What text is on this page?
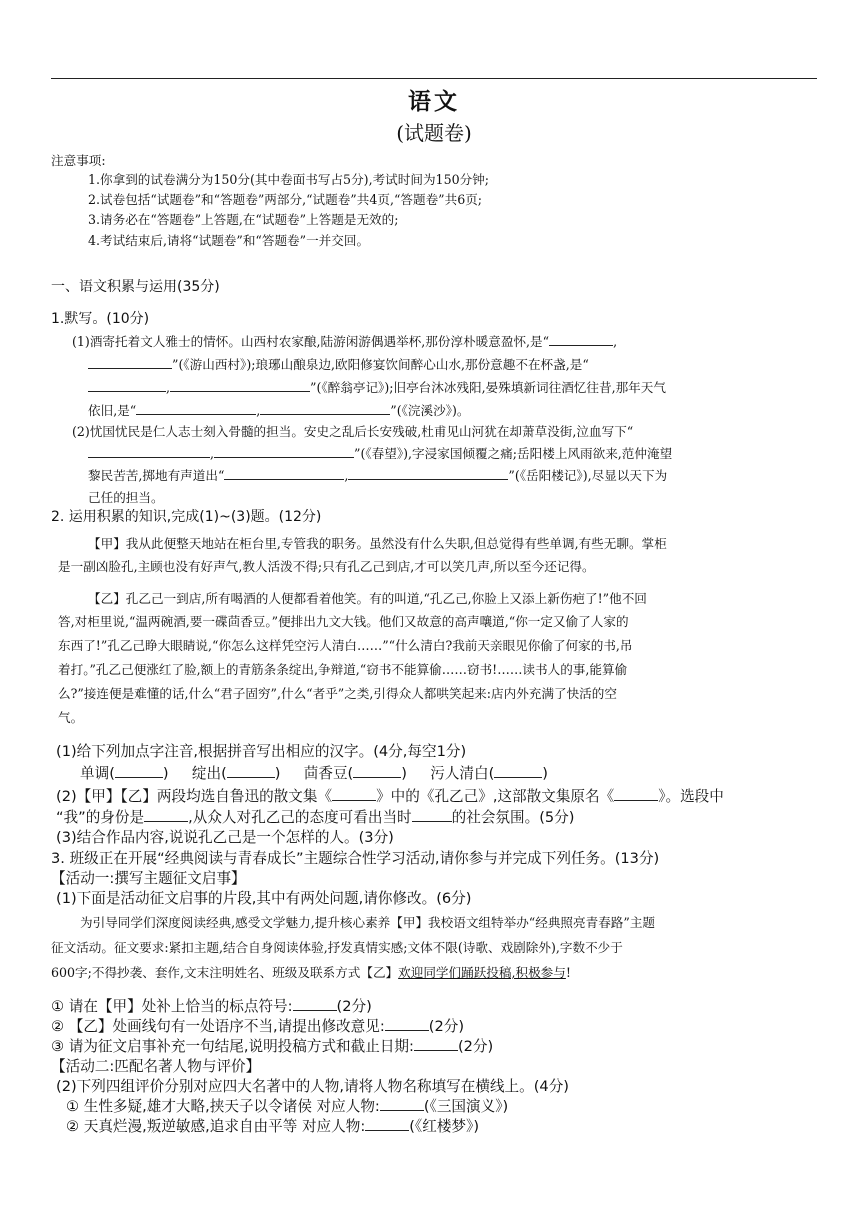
语文
(试题卷)
注意事项:
1.你拿到的试卷满分为150分(其中卷面书写占5分),考试时间为150分钟;
2.试卷包括“试题卷”和“答题卷”两部分,“试题卷”共4页,“答题卷”共6页;
3.请务必在“答题卷”上答题,在“试题卷”上答题是无效的;
4.考试结束后,请将“试题卷”和“答题卷”一并交回。
一、语文积累与运用(35分)
1.默写。(10分)
(1)酒寄托着文人雅士的情怀。山西村农家酿,陆游闲游偶遇举杯,那份淳朴暖意盈怀,是“	,
”(《游山西村》);琅琊山酿泉边,欧阳修宴饮间醉心山水,那份意趣不在杯盏,是“
,	”(《醉翁亭记》);旧亭台沐冰残阳,晏殊填新词往酒忆往昔,那年天气
依旧,是“	,	”(《浣溪沙》)。
(2)忧国忧民是仁人志士刻入骨髓的担当。安史之乱后长安残破,杜甫见山河犹在却萧草没街,泣血写下“
,	”(《春望》),字浸家国倾覆之痛;岳阳楼上风雨欲来,范仲淹望
黎民苦苦,掷地有声道出“	,	”(《岳阳楼记》),尽显以天下为
己任的担当。
2. 运用积累的知识,完成(1)~(3)题。(12分)
【甲】我从此便整天地站在柜台里,专管我的职务。虽然没有什么失职,但总觉得有些单调,有些无聊。掌柜
是一副凶脸孔,主顾也没有好声气,教人活泼不得;只有孔乙己到店,才可以笑几声,所以至今还记得。
【乙】孔乙己一到店,所有喝酒的人便都看着他笑。有的叫道,“孔乙己,你脸上又添上新伤疤了!”他不回
答,对柜里说,“温两碗酒,要一碟茴香豆。”便排出九文大钱。他们又故意的高声嚷道,“你一定又偷了人家的
东西了!”孔乙己睁大眼睛说,“你怎么这样凭空污人清白……”“什么清白?我前天亲眼见你偷了何家的书,吊
着打。”孔乙己便涨红了脸,额上的青筋条条绽出,争辩道,“窃书不能算偷……窃书!……读书人的事,能算偷
么?”接连便是难懂的话,什么“君子固穷”,什么“者乎”之类,引得众人都哄笑起来:店内外充满了快活的空
气。
(1)给下列加点字注音,根据拼音写出相应的汉字。(4分,每空1分)
单调(	) 绽出(	) 茴香豆(	) 污人清白(	)
(2)【甲】【乙】两段均选自鲁迅的散文集《	》中的《孔乙己》,这部散文集原名《	》。选段中
“我”的身份是	,从众人对孔乙己的态度可看出当时	的社会氛围。(5分)
(3)结合作品内容,说说孔乙己是一个怎样的人。(3分)
3. 班级正在开展“经典阅读与青春成长”主题综合性学习活动,请你参与并完成下列任务。(13分)
【活动一:撰写主题征文启事】
(1)下面是活动征文启事的片段,其中有两处问题,请你修改。(6分)
为引导同学们深度阅读经典,感受文学魅力,提升核心素养【甲】我校语文组特举办“经典照亮青春路”主题
征文活动。征文要求:紧扣主题,结合自身阅读体验,抒发真情实感;文体不限(诗歌、戏剧除外),字数不少于
600字;不得抄袭、套作,文末注明姓名、班级及联系方式【乙】欢迎同学们踊跃投稿,积极参与!
① 请在【甲】处补上恰当的标点符号:	(2分)
② 【乙】处画线句有一处语序不当,请提出修改意见:	(2分)
③ 请为征文启事补充一句结尾,说明投稿方式和截止日期:	(2分)
【活动二:匹配名著人物与评价】
(2)下列四组评价分别对应四大名著中的人物,请将人物名称填写在横线上。(4分)
① 生性多疑,雄才大略,挟天子以令诸侯 对应人物:	(《三国演义》)
② 天真烂漫,叛逆敏感,追求自由平等 对应人物:	(《红楼梦》)
